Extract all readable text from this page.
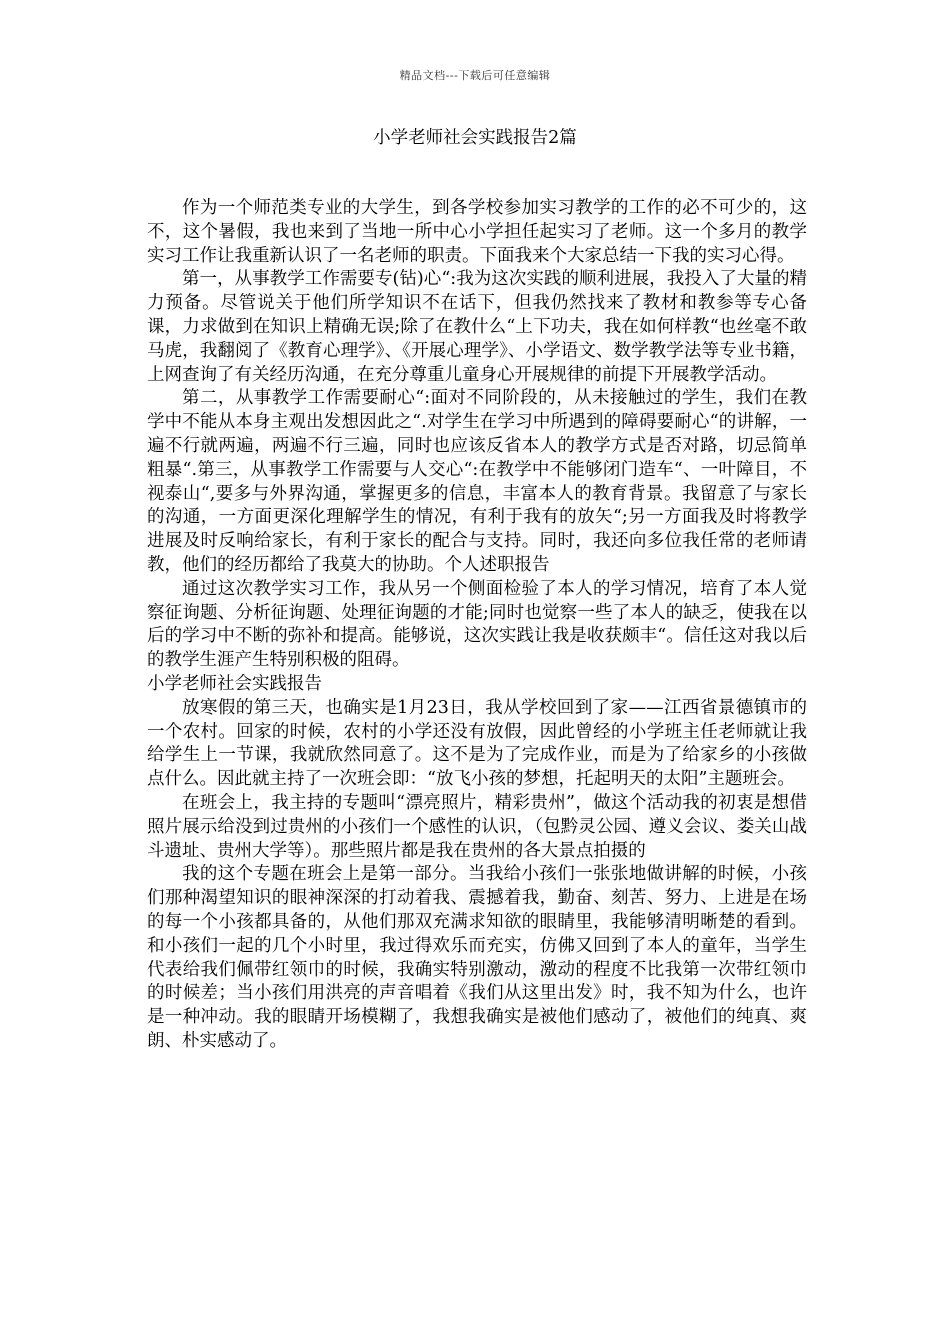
精品文档---下载后可任意编辑
小学老师社会实践报告2篇

作为一个师范类专业的大学生，到各学校参加实习教学的工作的必不可少的，这不，这个暑假，我也来到了当地一所中心小学担任起实习了老师。这一个多月的教学实习工作让我重新认识了一名老师的职责。下面我来个大家总结一下我的实习心得。

第一，从事教学工作需要专(钻)心“:我为这次实践的顺利进展，我投入了大量的精力预备。尽管说关于他们所学知识不在话下，但我仍然找来了教材和教参等专心备课，力求做到在知识上精确无误;除了在教什么“上下功夫，我在如何样教“也丝毫不敢马虎，我翻阅了《教育心理学》、《开展心理学》、小学语文、数学教学法等专业书籍，上网查询了有关经历沟通，在充分尊重儿童身心开展规律的前提下开展教学活动。

第二，从事教学工作需要耐心“:面对不同阶段的，从未接触过的学生，我们在教学中不能从本身主观出发想因此之“.对学生在学习中所遇到的障碍要耐心“的讲解，一遍不行就两遍，两遍不行三遍，同时也应该反省本人的教学方式是否对路，切忌简单粗暴“.第三，从事教学工作需要与人交心“:在教学中不能够闭门造车“、一叶障目，不视泰山“,要多与外界沟通，掌握更多的信息，丰富本人的教育背景。我留意了与家长的沟通，一方面更深化理解学生的情况，有利于我有的放矢“;另一方面我及时将教学进展及时反响给家长，有利于家长的配合与支持。同时，我还向多位我任常的老师请教，他们的经历都给了我莫大的协助。个人述职报告

通过这次教学实习工作，我从另一个侧面检验了本人的学习情况，培育了本人觉察征询题、分析征询题、处理征询题的才能;同时也觉察一些了本人的缺乏，使我在以后的学习中不断的弥补和提高。能够说，这次实践让我是收获颇丰“。信任这对我以后的教学生涯产生特别积极的阻碍。

小学老师社会实践报告

放寒假的第三天，也确实是1月23日，我从学校回到了家——江西省景德镇市的一个农村。回家的时候，农村的小学还没有放假，因此曾经的小学班主任老师就让我给学生上一节课，我就欣然同意了。这不是为了完成作业，而是为了给家乡的小孩做点什么。因此就主持了一次班会即：“放飞小孩的梦想，托起明天的太阳”主题班会。

在班会上，我主持的专题叫“漂亮照片，精彩贵州”，做这个活动我的初衷是想借照片展示给没到过贵州的小孩们一个感性的认识，（包黔灵公园、遵义会议、娄关山战斗遗址、贵州大学等）。那些照片都是我在贵州的各大景点拍摄的

我的这个专题在班会上是第一部分。当我给小孩们一张张地做讲解的时候，小孩们那种渴望知识的眼神深深的打动着我、震撼着我，勤奋、刻苦、努力、上进是在场的每一个小孩都具备的，从他们那双充满求知欲的眼睛里，我能够清明晰楚的看到。和小孩们一起的几个小时里，我过得欢乐而充实，仿佛又回到了本人的童年，当学生代表给我们佩带红领巾的时候，我确实特别激动，激动的程度不比我第一次带红领巾的时候差；当小孩们用洪亮的声音唱着《我们从这里出发》时，我不知为什么，也许是一种冲动。我的眼睛开场模糊了，我想我确实是被他们感动了，被他们的纯真、爽朗、朴实感动了。
